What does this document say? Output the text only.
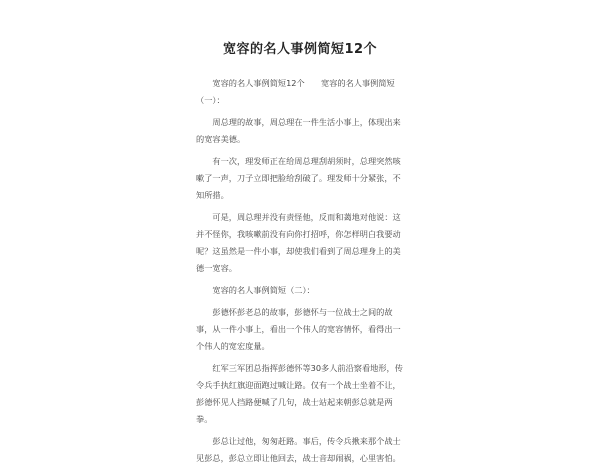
宽容的名人事例简短12个

宽容的名人事例简短12个　　宽容的名人事例简短（一）：

周总理的故事，周总理在一件生活小事上，体现出来的宽容美德。

有一次，理发师正在给周总理刮胡须时，总理突然咳嗽了一声，刀子立即把脸给刮破了。理发师十分紧张，不知所措。

可是，周总理并没有责怪他，反而和蔼地对他说：这并不怪你，我咳嗽前没有向你打招呼，你怎样明白我要动呢？这虽然是一件小事，却使我们看到了周总理身上的美德一宽容。

宽容的名人事例简短（二）：

彭德怀彭老总的故事，彭德怀与一位战士之间的故事，从一件小事上，看出一个伟人的宽容情怀，看得出一个伟人的宽宏度量。

红军三军团总指挥彭德怀等30多人前沿察看地形，传令兵手执红旗迎面跑过喊让路。仅有一个战士坐着不让，彭德怀见人挡路便喊了几句，战士站起来朝彭总就是两拳。

彭总让过他，匆匆赶路。事后，传令兵揪来那个战士见彭总，彭总立即让他回去，战士音却闹祸，心里害怕。
